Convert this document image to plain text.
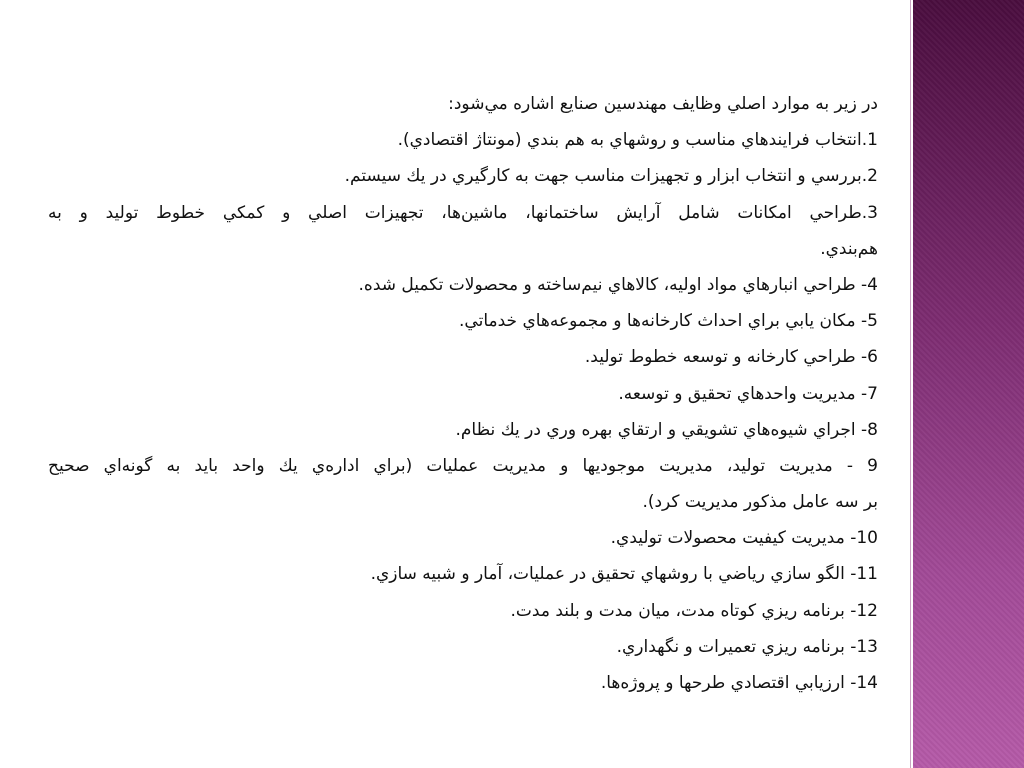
در زير به موارد اصلي وظايف مهندسين صنايع اشاره مي‌شود:
1.انتخاب فرايندهاي مناسب و روشهاي به هم بندي (مونتاژ اقتصادي).
2.بررسي و انتخاب ابزار و تجهيزات مناسب جهت به كارگيري در يك سيستم.
3.طراحي امكانات شامل آرايش ساختمانها، ماشين‌ها، تجهيزات اصلي و كمكي خطوط توليد و به
هم‌بندي.
4- طراحي انبارهاي مواد اوليه، كالاهاي نيم‌ساخته و محصولات تكميل شده.
5- مكان يابي براي احداث كارخانه‌ها و مجموعه‌هاي خدماتي.
6- طراحي كارخانه و توسعه خطوط توليد.
7- مديريت واحدهاي تحقيق و توسعه.
8- اجراي شيوه‌هاي تشويقي و ارتقاي بهره وري در يك نظام.
9 - مديريت توليد، مديريت موجوديها و مديريت عمليات (براي اداره‌ي يك واحد بايد به گونه‌اي صحيح
بر سه عامل مذكور مديريت كرد).
10- مديريت كيفيت محصولات توليدي.
11- الگو سازي رياضي با روشهاي تحقيق در عمليات، آمار و شبيه سازي.
12- برنامه ريزي كوتاه مدت، ميان مدت و بلند مدت.
13- برنامه ريزي تعميرات و نگهداري.
14- ارزيابي اقتصادي طرحها و پروژه‌ها.
